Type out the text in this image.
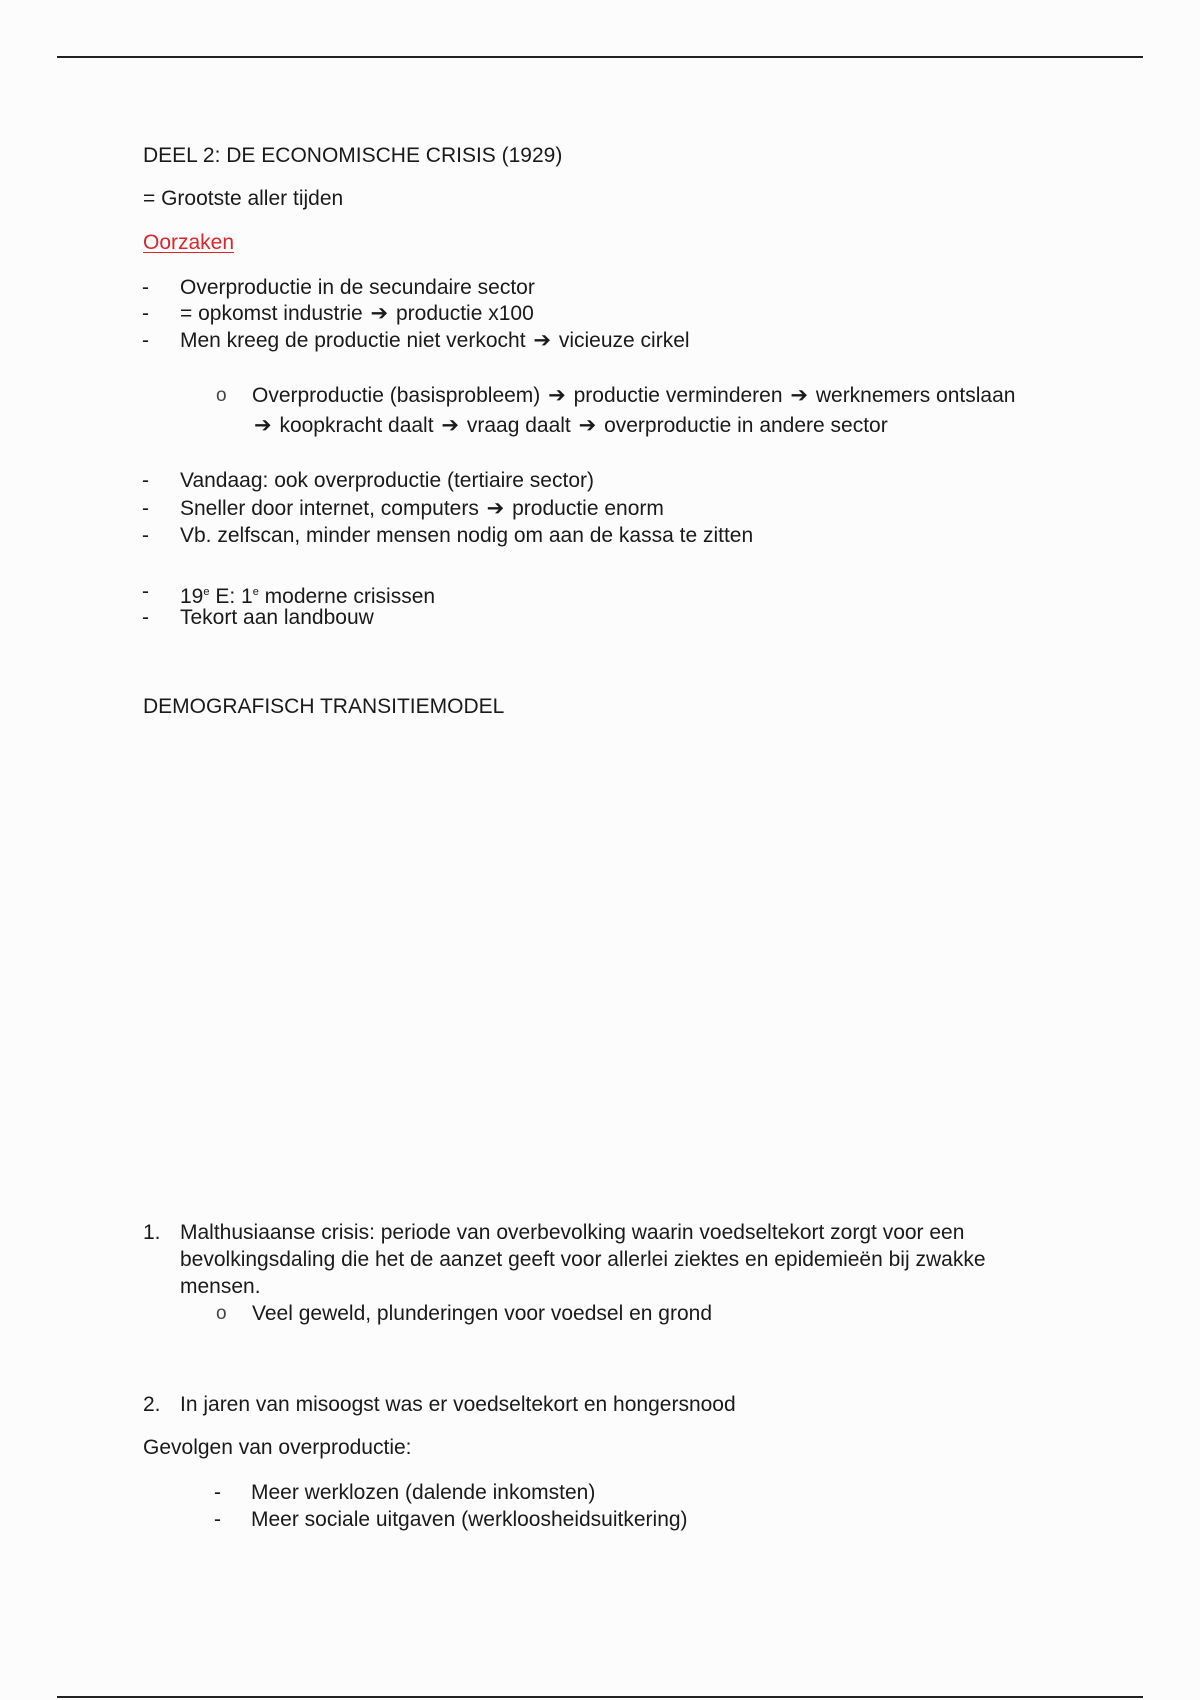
DEEL 2: DE ECONOMISCHE CRISIS (1929)
= Grootste aller tijden
Oorzaken
- Overproductie in de secundaire sector
- = opkomst industrie ➔ productie x100
- Men kreeg de productie niet verkocht ➔ vicieuze cirkel
o Overproductie (basisprobleem) ➔ productie verminderen ➔ werknemers ontslaan
➔ koopkracht daalt ➔ vraag daalt ➔ overproductie in andere sector
- Vandaag: ook overproductie (tertiaire sector)
- Sneller door internet, computers ➔ productie enorm
- Vb. zelfscan, minder mensen nodig om aan de kassa te zitten
- 19e E: 1e moderne crisissen
- Tekort aan landbouw
DEMOGRAFISCH TRANSITIEMODEL
1. Malthusiaanse crisis: periode van overbevolking waarin voedseltekort zorgt voor een
bevolkingsdaling die het de aanzet geeft voor allerlei ziektes en epidemieën bij zwakke
mensen.
o Veel geweld, plunderingen voor voedsel en grond
2. In jaren van misoogst was er voedseltekort en hongersnood
Gevolgen van overproductie:
- Meer werklozen (dalende inkomsten)
- Meer sociale uitgaven (werkloosheidsuitkering)
